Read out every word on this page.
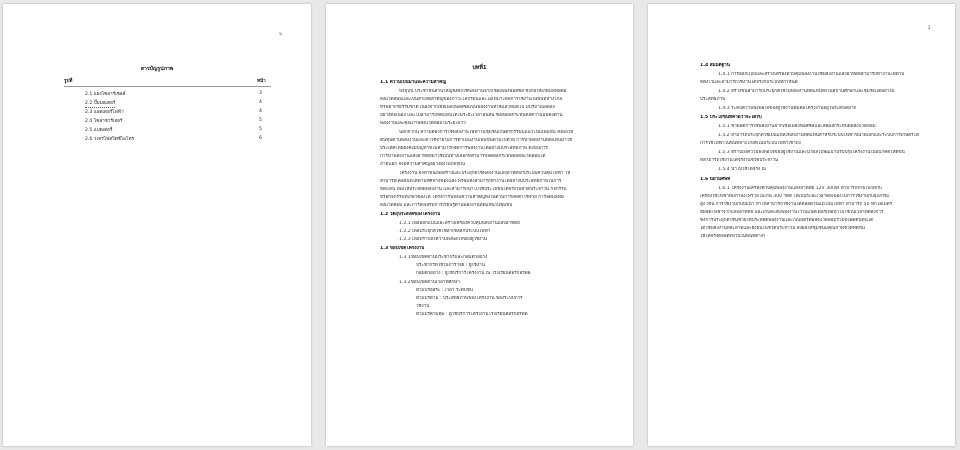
ข
สารบัญรูปภาพ
รูปที่	หน้า
2.1 แผงโซลาร์เซลล์	3
2.2 ปั๊มมอเตอร์	4
2.3 แอดเตอร์ไฟฟ้า	4
2.4 โซล่าชาร์เจอร์	5
2.5 แบตเตอรี่	5
2.6 วงจรไฟสวิตซ์ไมโคร	6
บทที่1
1.1 ความเป็นมาและความสำคัญ
ปัจจุบัน ประชาชนส่วนใหญ่ยังคงใช้พลังงานจากเชื้อเพลิงฟอสซิล ซึ่งก่อให้เกิดมลพิษต่อ
สิ่งแวดล้อมและเป็นสาเหตุสำคัญของภาวะโลกร้อนและไม่เหมาะต่อการใช้งานในพื้นที่ห่างไกล
ทรัพยากรธรรมชาติ เนื่องจากเชื้อเพลิงฟอสซิลเป็นพลังงานที่ใช้แล้วหมดไป มีปริมาณลดลง
อย่างต่อเนื่อง และไม่สามารถทดแทนได้ในระยะเวลาอันสั้น ซึ่งส่งผลกระทบต่อความมั่นคงด้าน
พลังงานและคุณภาพสิ่งแวดล้อมในระยะยาว
นอกจากนี้ ความต้องการใช้พลังงานไฟฟ้าในชุมชนเกษตรกรรมมีแนวโน้มเพิ่มขึ้น ส่งผลให้
ต้นทุนด้านพลังงานและค่าใช้จ่ายในการดำเนินงานเพิ่มขึ้นตามไปด้วย การนำพลังงานทดแทนมาใช้
ประเทศไทยยังคงมีปัญหาที่ไม่สามารถจัดการพลังงานได้อย่างมีประสิทธิภาพ ดังนั้นการ
การนำพลังงานแสงอาทิตย์มาใช้เป็นทางเลือกที่สามารถลดผลกระทบต่อสิ่งแวดล้อมได้
ภายนอก จึงมีความสำคัญอย่างยิ่งในปัจจุบัน
โครงงาน จึงทำขึ้นเพื่อสร้างและประยุกต์ใช้พลังงานแสงอาทิตย์กับระบบควบคุมไฟฟ้า ให้
สามารถเคลื่อนที่ได้ตามทิศทางของแสง พร้อมทั้งสามารถทำงานได้อย่างมีประสิทธิภาพในการ
ทดแทน เพื่อให้ประหยัดพลังงาน และสามารถนำไปใช้ประโยชน์ได้จริงในชีวิตประจำวัน กิจกรรม
หรือกิจกรรมที่เกี่ยวข้องได้ โครงการนี้จึงมีความสำคัญทั้งในด้านการลดค่าใช้จ่าย การลดมลพิษ
สิ่งแวดล้อม และการส่งเสริมการเรียนรู้ด้านพลังงานทดแทนในชุมชน
1.2 วัตถุประสงค์ของโครงงาน
1.2.1 เพื่อออกแบบและสร้างเครื่องควบคุมพลังงานแสงอาทิตย์
1.2.2 เพื่อประยุกต์ใช้โซล่าเซลล์กับระบบไฟฟ้า
1.2.3 เพื่อทราบถึงความพึงพอใจของผู้ใช้งาน
1.3 ขอบเขตโครงงาน
1.3.1ขอบเขตด้านประชากรและกลุ่มตัวอย่าง
ประชากรที่ใช้ในการวิจัย : ผู้ใช้งาน
กลุ่มตัวอย่าง : ผู้ใช้บริการโครงงาน ณ โรงเรียนสอรกอรดีดี
1.3.2ขอบเขตด้านเวลาที่ศึกษา
ตัวแปรอิสระ : เวลา ระดับขั้น
ตัวแปรตาม : ประสิทธิภาพของโครงงาน ของระบบการ
ใช้งาน
ตัวแปรควบคุม : ผู้ใช้บริการโครงงานโรงเรียนสอรกอรดีดี
2
1.4 สมมติฐาน
1.4.1 การออกแบบและสร้างเครื่องควบคุมพลังงานใช้พลังงานแสงอาทิตย์สามารถทำงานได้ตาม
ที่ตั้งไว้และสามารถใช้งานได้จริงกับระบบที่กำหนด
1.4.2 สร้างขึ้นสามารถประยุกต์ใช้ในพลังงานทดแทนทั้งในสถานศึกษาและชุมชนได้อย่างมี
ประสิทธิภาพ
1.4.3 ระดับความพึงพอใจของผู้ใช้งานที่มีต่อโครงงานอยู่ในระดับดีมาก
1.5 ประโยชน์ที่คาดว่าจะได้รับ
1.5.1 ช่วยลดการใช้พลังงานจากเชื้อเพลิงฟอสซิลและลดผลกระทบต่อสิ่งแวดล้อม
1.5.2 สามารถประยุกต์ใช้เป็นแหล่งพลังงานทดแทนสำหรับระบบไฟฟ้าขนาดเล็กและระบบการเกษตรได้
การใช้ไฟฟ้าในพื้นที่ห่างไกลที่ไม่มีระบบไฟฟ้าเข้าถึง
1.5.3 ทราบถึงความพึงพอใจของผู้ใช้งานและนำผลไปพัฒนาปรับปรุงโครงงานในอนาคตให้ดีขึ้น
ที่สามารถใช้งานได้จริงในชีวิตประจำวัน
1.5.4 นำไปใช้ได้จริง ณ
1.6 นิยามศัพท์
1.6.1 โครงงานเครื่องควบคุมพลังงานแสงอาทิตย์ 12V 300W สามารถจ่ายไฟให้กับ
เครื่องใช้ไฟฟ้าที่มีกำลังไฟรวมไม่เกิน 300 วัตต์ ได้เป็นระยะเวลาต่อเนื่องในการใช้งานกับอุปกรณ์
สูง เช่น การใช้งานกับปั๊มน้ำ ทำให้สามารถใช้งานได้ตลอดวันแม้ไม่มีไฟฟ้า สามารถ 50 ที่กิโลเมตร
ที่ผลิตไฟฟ้าจากแสงอาทิตย์ และเก็บสะสมพลังงานไว้ในแบตเตอรี่เพื่อนำไปใช้ในเวลาที่ต้องการ
ซึ่งการประยุกต์ใช้นี้ช่วยให้ประหยัดพลังงานและเป็นมิตรต่อสิ่งแวดล้อมรวมถึงลดต้นทุนได้
ได้ใช้พลังงานที่สะอาดและยั่งยืนในชีวิตประจำวัน ส่งผลให้ชุมชนมีคุณภาพชีวิตที่ดีขึ้น
ใช้ได้จริงตลอดทั้งวันในพื้นที่ต่างๆ
